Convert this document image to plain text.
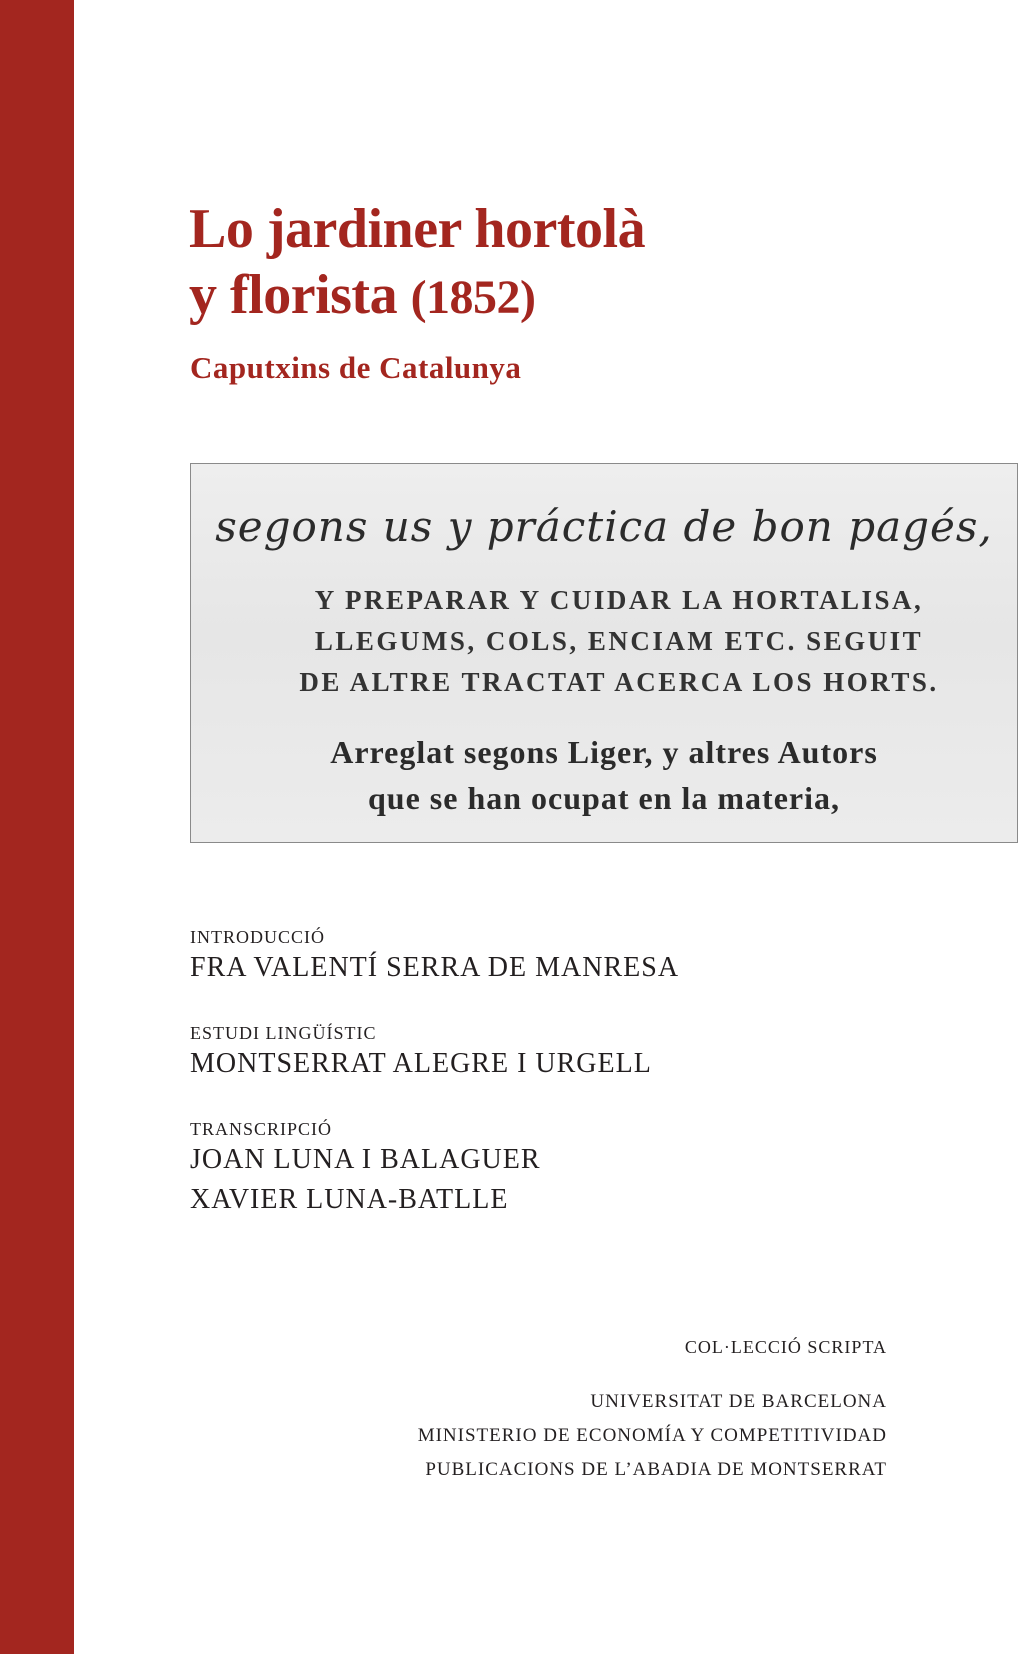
Lo jardiner hortolà
y florista (1852)

Caputxins de Catalunya

segons us y práctica de bon pagés,
Y PREPARAR Y CUIDAR LA HORTALISA,
LLEGUMS, COLS, ENCIAM ETC. SEGUIT
DE ALTRE TRACTAT ACERCA LOS HORTS.
Arreglat segons Liger, y altres Autors
que se han ocupat en la materia,

INTRODUCCIÓ

FRA VALENTÍ SERRA DE MANRESA

ESTUDI LINGÜÍSTIC

MONTSERRAT ALEGRE I URGELL

TRANSCRIPCIÓ

JOAN LUNA I BALAGUER

XAVIER LUNA-BATLLE

COL·LECCIÓ SCRIPTA

UNIVERSITAT DE BARCELONA

MINISTERIO DE ECONOMÍA Y COMPETITIVIDAD

PUBLICACIONS DE L’ABADIA DE MONTSERRAT
